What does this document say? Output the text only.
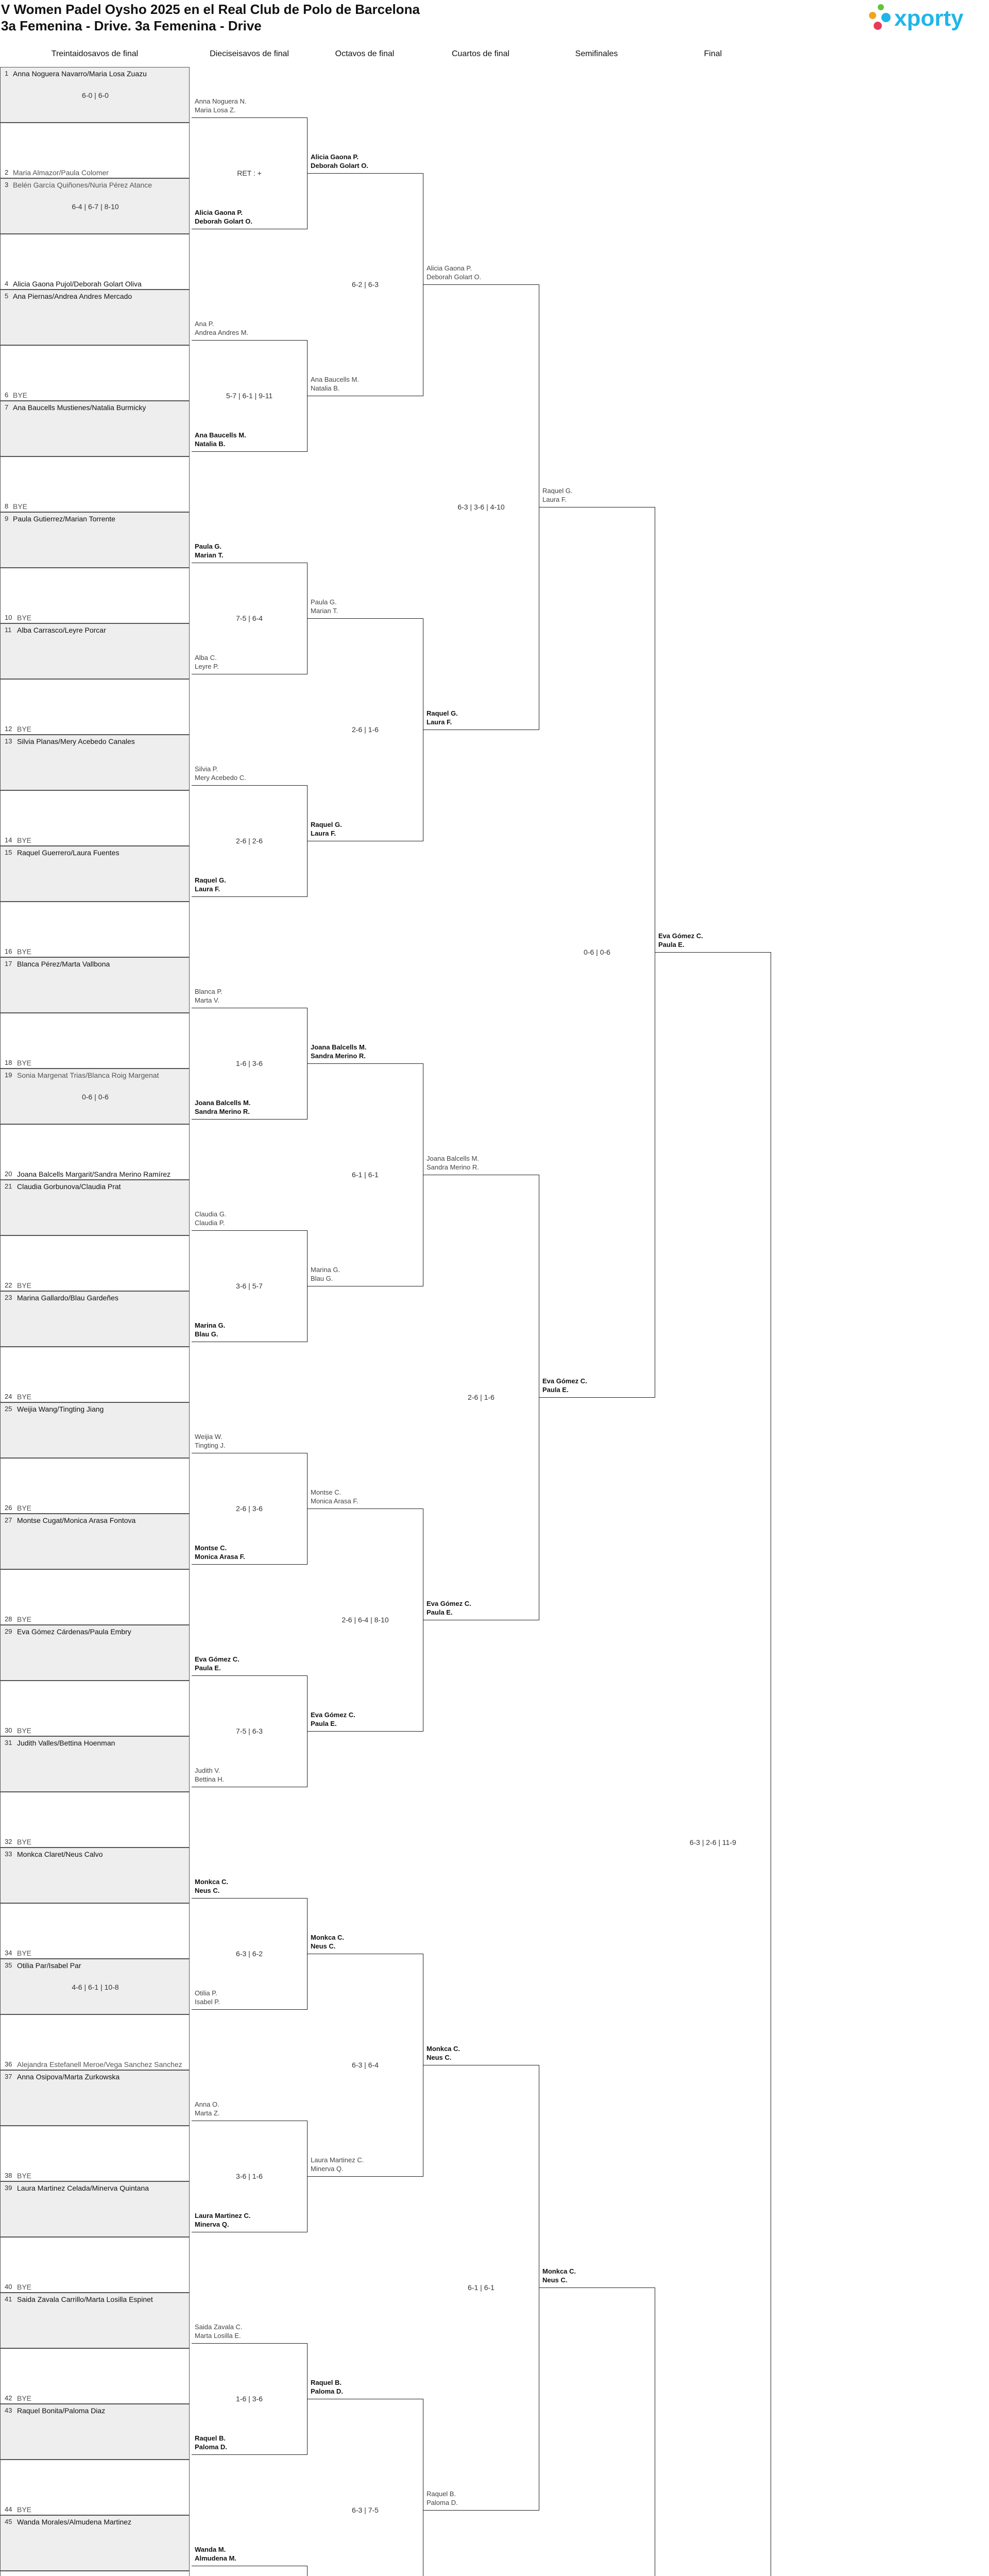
V Women Padel Oysho 2025 en el Real Club de Polo de Barcelona
3a Femenina - Drive. 3a Femenina - Drive	xporty
Treintaidosavos de final	Dieciseisavos de final	Octavos de final	Cuartos de final	Semifinales	Final
1 Anna Noguera Navarro/Maria Losa Zuazu
6-0 | 6-0
2 Maria Almazor/Paula Colomer
3 Belén García Quiñones/Nuria Pérez Atance
6-4 | 6-7 | 8-10
4 Alicia Gaona Pujol/Deborah Golart Oliva
5 Ana Piernas/Andrea Andres Mercado
6 BYE
7 Ana Baucells Mustienes/Natalia Burmicky
8 BYE
9 Paula Gutierrez/Marian Torrente
10 BYE
11 Alba Carrasco/Leyre Porcar
12 BYE
13 Silvia Planas/Mery Acebedo Canales
14 BYE
15 Raquel Guerrero/Laura Fuentes
16 BYE
17 Blanca Pérez/Marta Vallbona
18 BYE
19 Sonia Margenat Trias/Blanca Roig Margenat
0-6 | 0-6
20 Joana Balcells Margarit/Sandra Merino Ramírez
21 Claudia Gorbunova/Claudia Prat
22 BYE
23 Marina Gallardo/Blau Gardeñes
24 BYE
25 Weijia Wang/Tingting Jiang
26 BYE
27 Montse Cugat/Monica Arasa Fontova
28 BYE
29 Eva Gómez Cárdenas/Paula Embry
30 BYE
31 Judith Valles/Bettina Hoenman
32 BYE
33 Monkca Claret/Neus Calvo
34 BYE
35 Otilia Par/Isabel Par
4-6 | 6-1 | 10-8
36 Alejandra Estefanell Meroe/Vega Sanchez Sanchez
37 Anna Osipova/Marta Zurkowska
38 BYE
39 Laura Martinez Celada/Minerva Quintana
40 BYE
41 Saida Zavala Carrillo/Marta Losilla Espinet
42 BYE
43 Raquel Bonita/Paloma Diaz
44 BYE
45 Wanda Morales/Almudena Martinez
Anna Noguera N.
Maria Losa Z.
Alicia Gaona P.
Deborah Golart O.
Ana P.
Andrea Andres M.
Ana Baucells M.
Natalia B.
Paula G.
Marian T.
Alba C.
Leyre P.
Silvia P.
Mery Acebedo C.
Raquel G.
Laura F.
Blanca P.
Marta V.
Joana Balcells M.
Sandra Merino R.
Claudia G.
Claudia P.
Marina G.
Blau G.
Weijia W.
Tingting J.
Montse C.
Monica Arasa F.
Eva Gómez C.
Paula E.
Judith V.
Bettina H.
Monkca C.
Neus C.
Otilia P.
Isabel P.
Anna O.
Marta Z.
Laura Martinez C.
Minerva Q.
Saida Zavala C.
Marta Losilla E.
Raquel B.
Paloma D.
Wanda M.
Almudena M.
RET : +
5-7 | 6-1 | 9-11
7-5 | 6-4
2-6 | 2-6
1-6 | 3-6
3-6 | 5-7
2-6 | 3-6
7-5 | 6-3
6-3 | 6-2
3-6 | 1-6
1-6 | 3-6
Alicia Gaona P.
Deborah Golart O.
Ana Baucells M.
Natalia B.
Paula G.
Marian T.
Raquel G.
Laura F.
Joana Balcells M.
Sandra Merino R.
Marina G.
Blau G.
Montse C.
Monica Arasa F.
Eva Gómez C.
Paula E.
Monkca C.
Neus C.
Laura Martinez C.
Minerva Q.
Raquel B.
Paloma D.
6-2 | 6-3
2-6 | 1-6
6-1 | 6-1
2-6 | 6-4 | 8-10
6-3 | 6-4
6-3 | 7-5
Alicia Gaona P.
Deborah Golart O.
Raquel G.
Laura F.
Joana Balcells M.
Sandra Merino R.
Eva Gómez C.
Paula E.
Monkca C.
Neus C.
Raquel B.
Paloma D.
6-3 | 3-6 | 4-10
2-6 | 1-6
6-1 | 6-1
Raquel G.
Laura F.
Eva Gómez C.
Paula E.
Monkca C.
Neus C.
0-6 | 0-6
Eva Gómez C.
Paula E.
6-3 | 2-6 | 11-9
